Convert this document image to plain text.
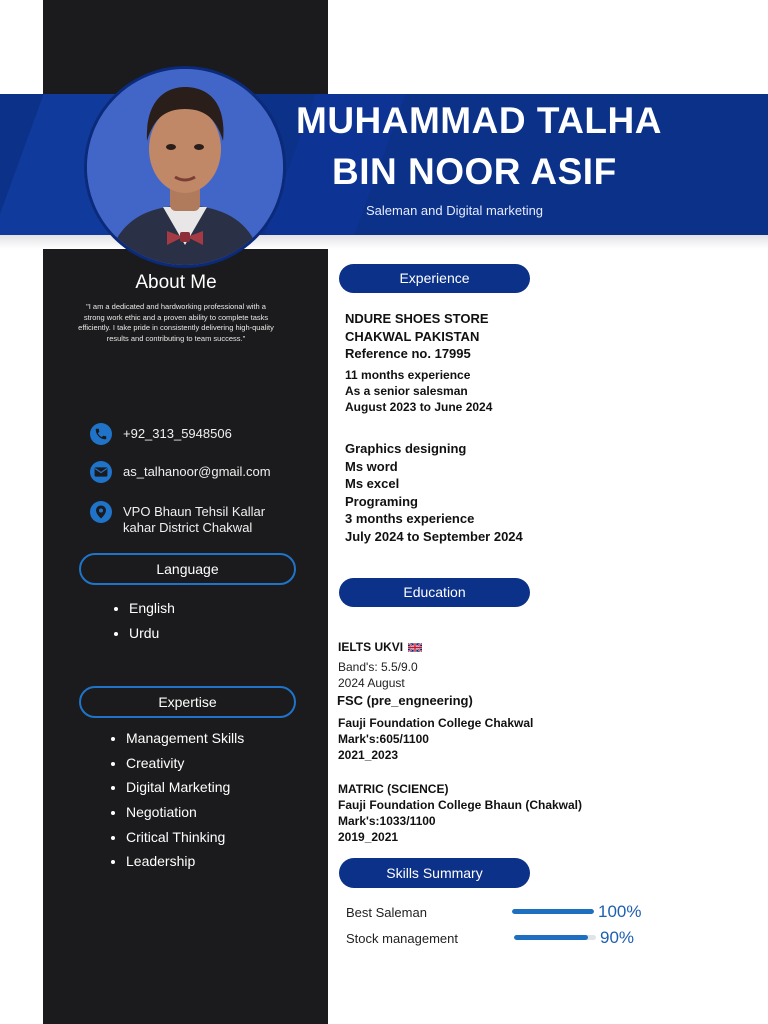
MUHAMMAD TALHA
BIN NOOR ASIF
Saleman and Digital marketing
About Me
"I am a dedicated and hardworking professional with a strong work ethic and a proven ability to complete tasks efficiently. I take pride in consistently delivering high-quality results and contributing to team success."
+92_313_5948506
as_talhanoor@gmail.com
VPO Bhaun Tehsil Kallar
kahar District Chakwal
Language
• English
• Urdu
Expertise
• Management Skills
• Creativity
• Digital Marketing
• Negotiation
• Critical Thinking
• Leadership
Experience
NDURE SHOES STORE
CHAKWAL PAKISTAN
Reference no. 17995
11 months experience
As a senior salesman
August 2023 to June 2024
Graphics designing
Ms word
Ms excel
Programing
3 months experience
July 2024 to September 2024
Education
IELTS UKVI
Band's: 5.5/9.0
2024 August
FSC (pre_engneering)
Fauji Foundation College Chakwal
Mark's:605/1100
2021_2023
MATRIC (SCIENCE)
Fauji Foundation College Bhaun (Chakwal)
Mark's:1033/1100
2019_2021
Skills Summary
Best Saleman	100%
Stock management	90%
